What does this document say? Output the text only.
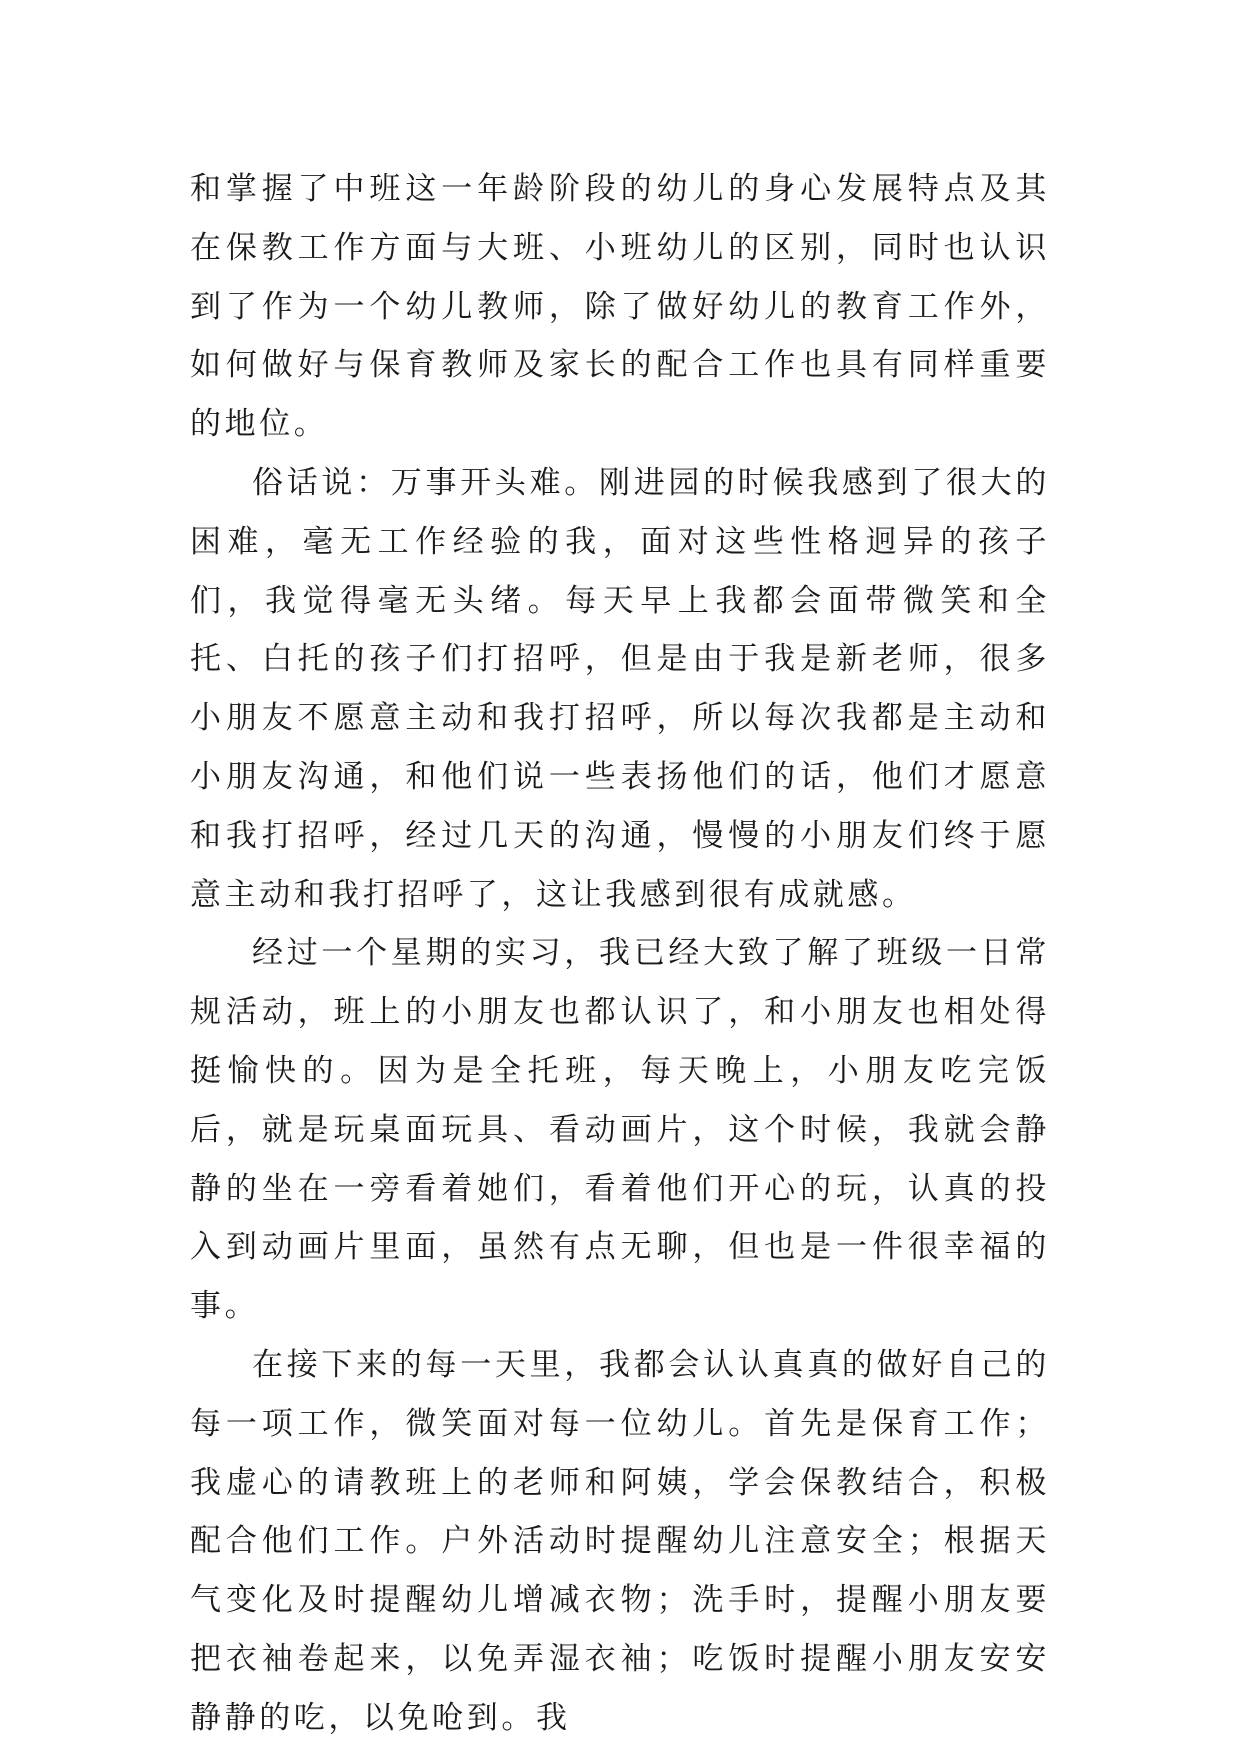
和掌握了中班这一年龄阶段的幼儿的身心发展特点及其在保教工作方面与大班、小班幼儿的区别，同时也认识到了作为一个幼儿教师，除了做好幼儿的教育工作外，如何做好与保育教师及家长的配合工作也具有同样重要的地位。

俗话说：万事开头难。刚进园的时候我感到了很大的困难，毫无工作经验的我，面对这些性格迥异的孩子们，我觉得毫无头绪。每天早上我都会面带微笑和全托、白托的孩子们打招呼，但是由于我是新老师，很多小朋友不愿意主动和我打招呼，所以每次我都是主动和小朋友沟通，和他们说一些表扬他们的话，他们才愿意和我打招呼，经过几天的沟通，慢慢的小朋友们终于愿意主动和我打招呼了，这让我感到很有成就感。

经过一个星期的实习，我已经大致了解了班级一日常规活动，班上的小朋友也都认识了，和小朋友也相处得挺愉快的。因为是全托班，每天晚上，小朋友吃完饭后，就是玩桌面玩具、看动画片，这个时候，我就会静静的坐在一旁看着她们，看着他们开心的玩，认真的投入到动画片里面，虽然有点无聊，但也是一件很幸福的事。

在接下来的每一天里，我都会认认真真的做好自己的每一项工作，微笑面对每一位幼儿。首先是保育工作；我虚心的请教班上的老师和阿姨，学会保教结合，积极配合他们工作。户外活动时提醒幼儿注意安全；根据天气变化及时提醒幼儿增减衣物；洗手时，提醒小朋友要把衣袖卷起来，以免弄湿衣袖；吃饭时提醒小朋友安安静静的吃，以免呛到。我
